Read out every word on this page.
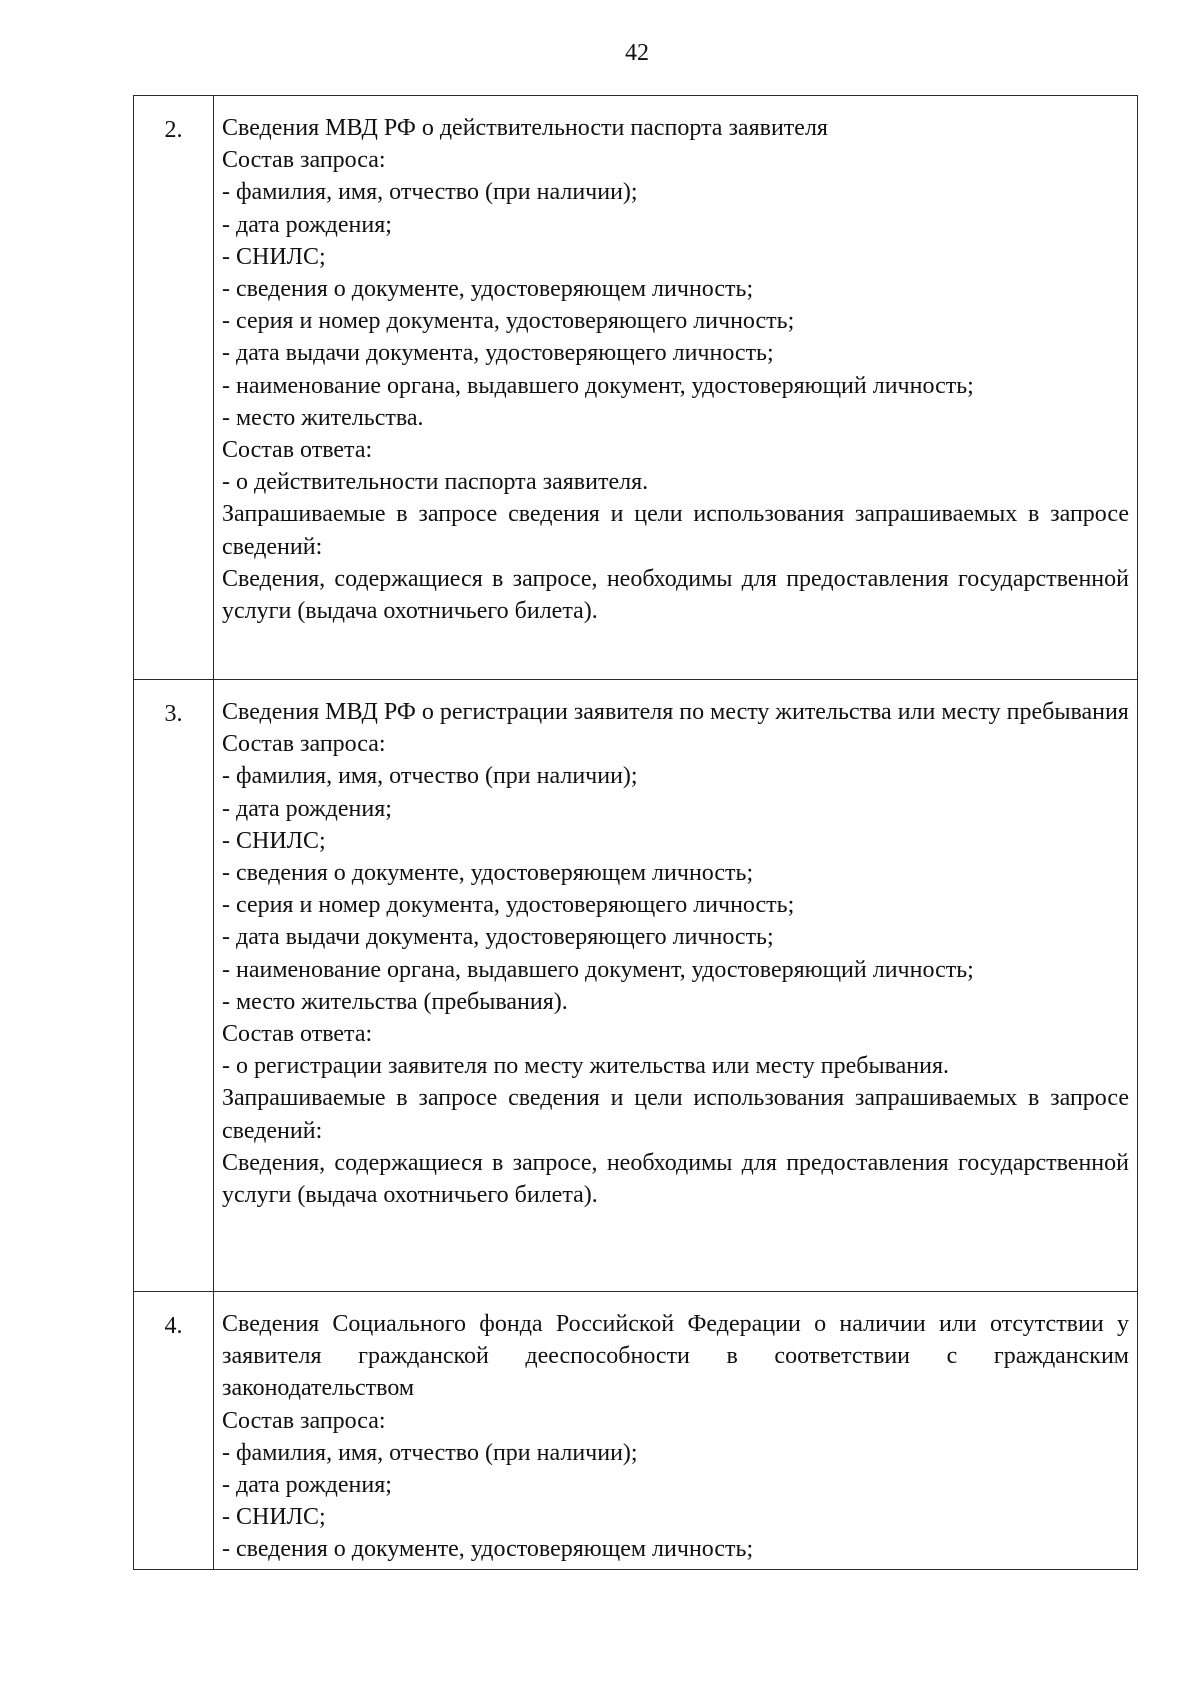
42
2.	Сведения МВД РФ о действительности паспорта заявителя

Состав запроса:

- фамилия, имя, отчество (при наличии);

- дата рождения;

- СНИЛС;

- сведения о документе, удостоверяющем личность;

- серия и номер документа, удостоверяющего личность;

- дата выдачи документа, удостоверяющего личность;

- наименование органа, выдавшего документ, удостоверяющий личность;

- место жительства.

Состав ответа:

- о действительности паспорта заявителя.

Запрашиваемые в запросе сведения и цели использования запрашиваемых в запросе сведений:

Сведения, содержащиеся в запросе, необходимы для предоставления государственной услуги (выдача охотничьего билета).

3.	Сведения МВД РФ о регистрации заявителя по месту жительства или месту пребывания

Состав запроса:

- фамилия, имя, отчество (при наличии);

- дата рождения;

- СНИЛС;

- сведения о документе, удостоверяющем личность;

- серия и номер документа, удостоверяющего личность;

- дата выдачи документа, удостоверяющего личность;

- наименование органа, выдавшего документ, удостоверяющий личность;

- место жительства (пребывания).

Состав ответа:

- о регистрации заявителя по месту жительства или месту пребывания.

Запрашиваемые в запросе сведения и цели использования запрашиваемых в запросе сведений:

Сведения, содержащиеся в запросе, необходимы для предоставления государственной услуги (выдача охотничьего билета).

4.	Сведения Социального фонда Российской Федерации о наличии или отсутствии у заявителя гражданской дееспособности в соответствии с гражданским законодательством

Состав запроса:

- фамилия, имя, отчество (при наличии);

- дата рождения;

- СНИЛС;

- сведения о документе, удостоверяющем личность;
